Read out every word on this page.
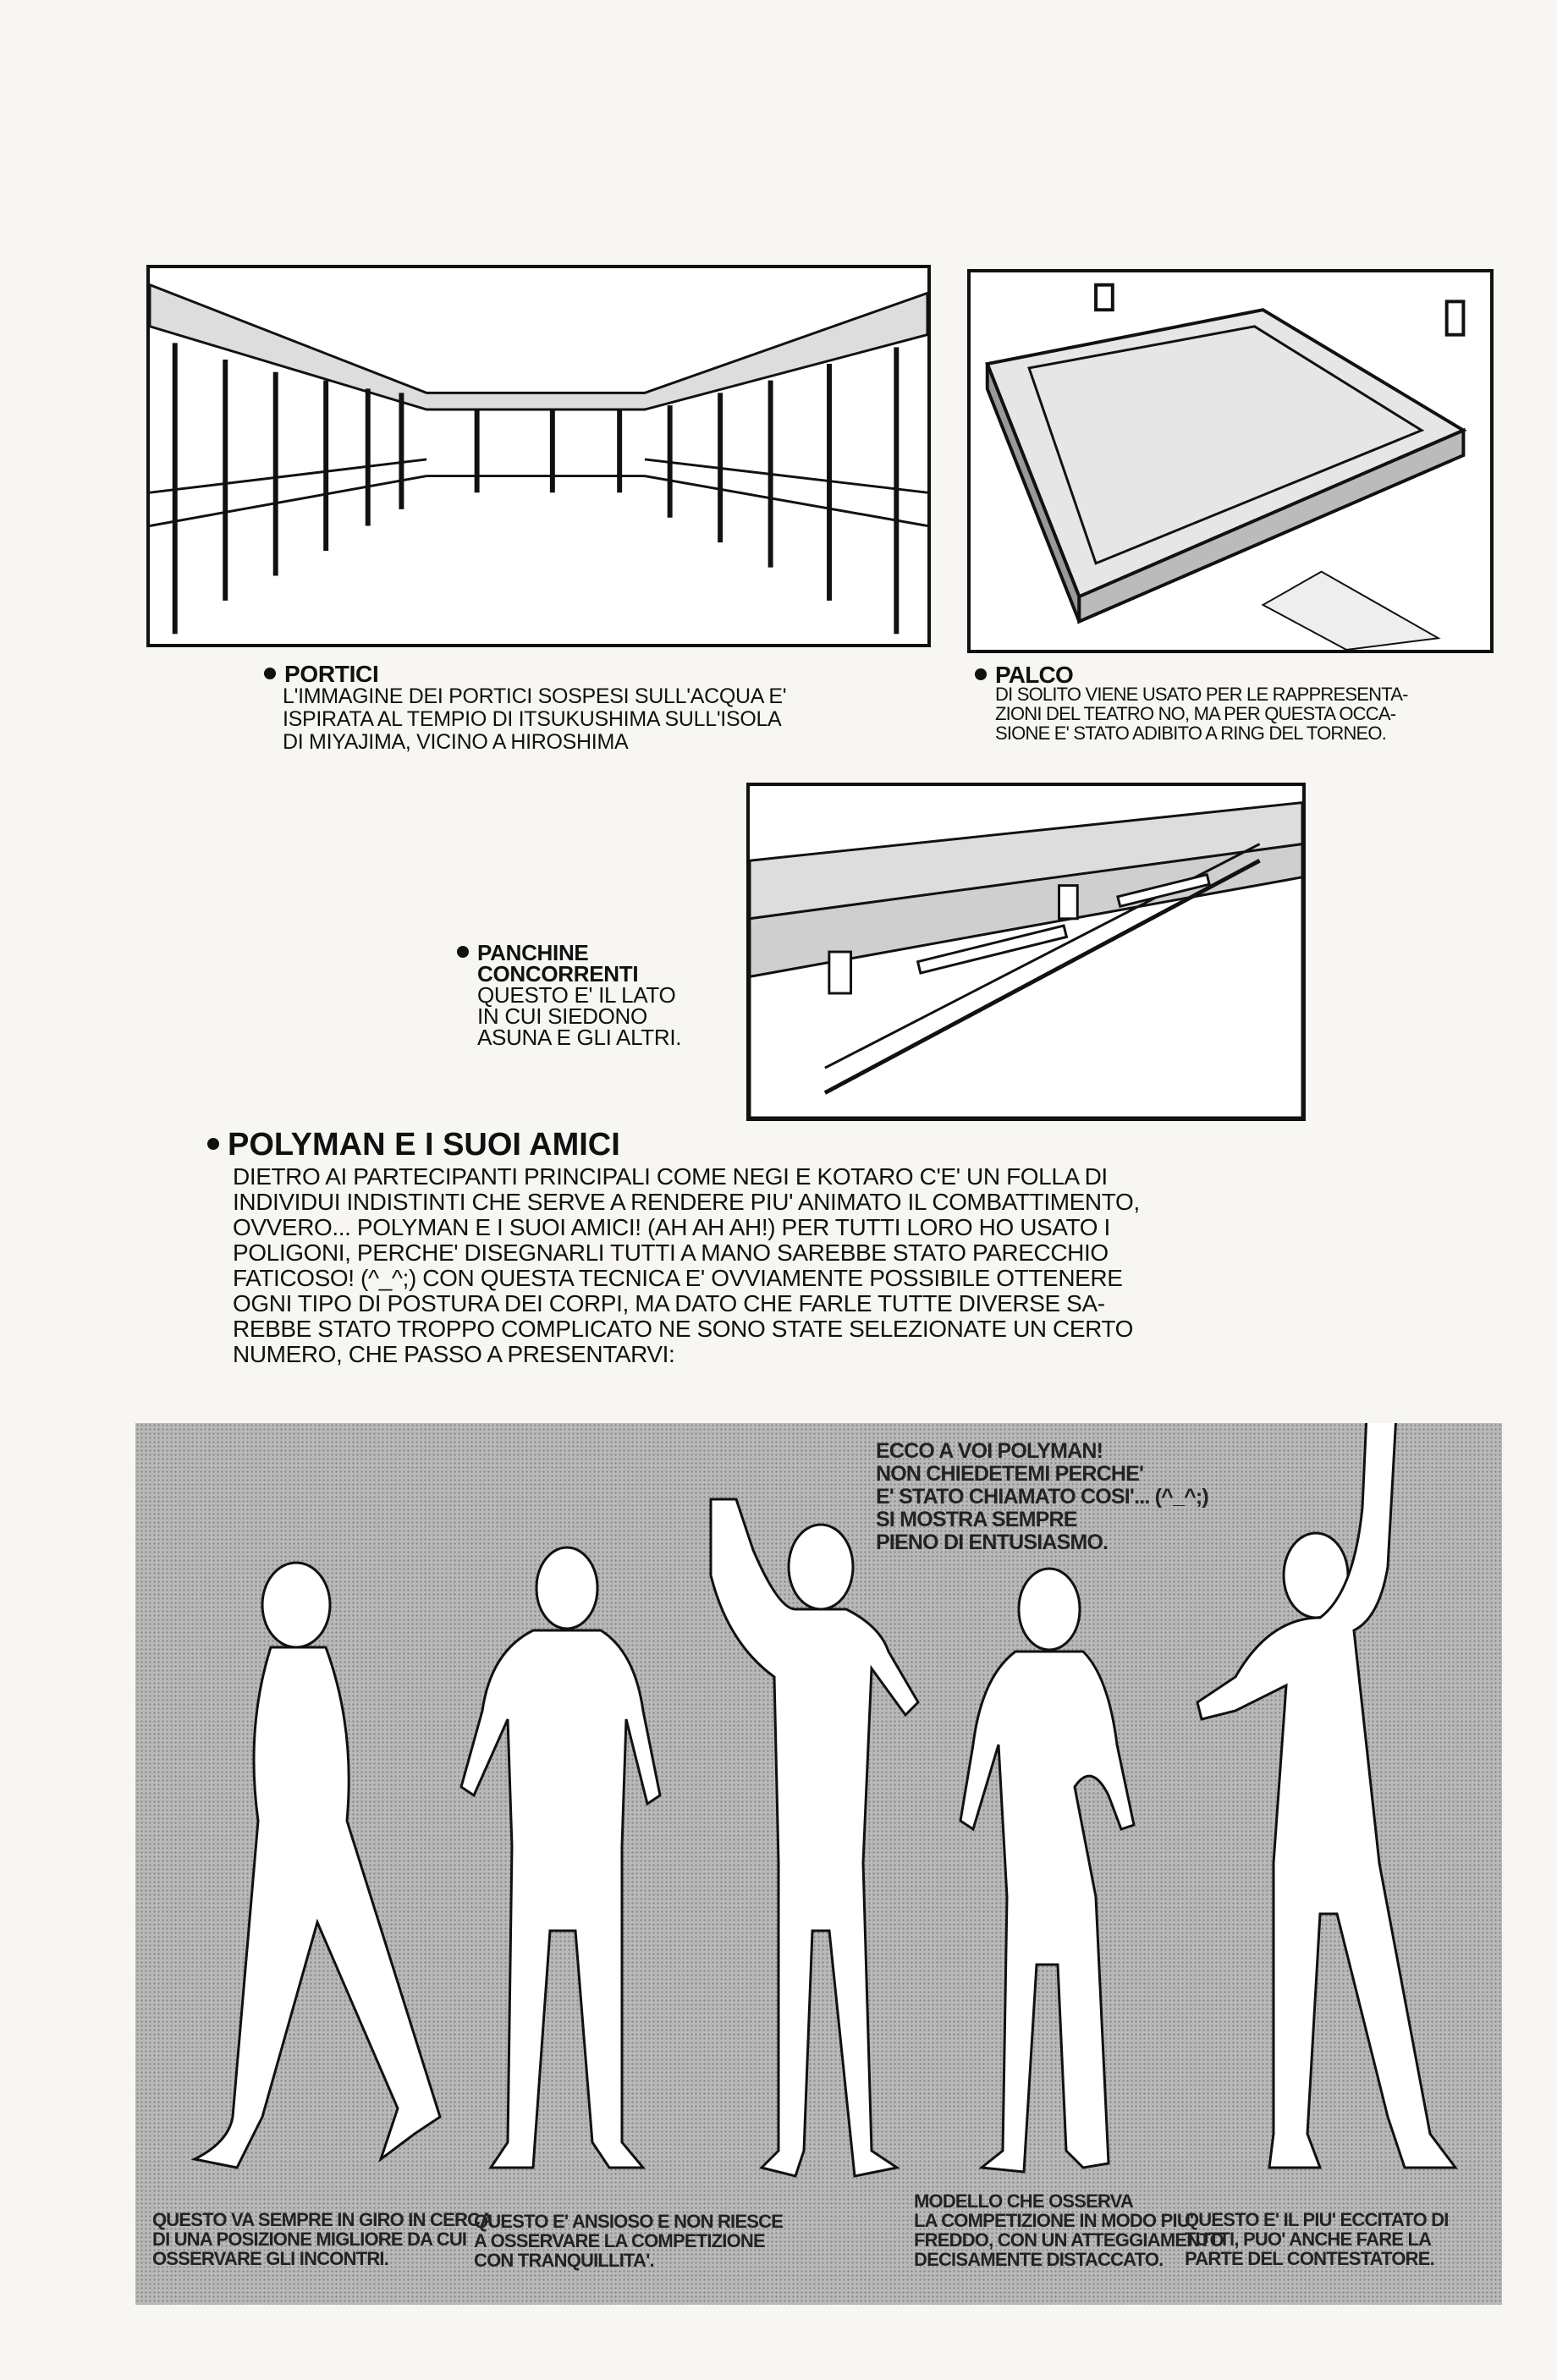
PORTICI
L'IMMAGINE DEI PORTICI SOSPESI SULL'ACQUA E'
ISPIRATA AL TEMPIO DI ITSUKUSHIMA SULL'ISOLA
DI MIYAJIMA, VICINO A HIROSHIMA
PALCO
DI SOLITO VIENE USATO PER LE RAPPRESENTA-
ZIONI DEL TEATRO NO, MA PER QUESTA OCCA-
SIONE E' STATO ADIBITO A RING DEL TORNEO.
PANCHINE
CONCORRENTI
QUESTO E' IL LATO
IN CUI SIEDONO
ASUNA E GLI ALTRI.
POLYMAN E I SUOI AMICI
DIETRO AI PARTECIPANTI PRINCIPALI COME NEGI E KOTARO C'E' UN FOLLA DI
INDIVIDUI INDISTINTI CHE SERVE A RENDERE PIU' ANIMATO IL COMBATTIMENTO,
OVVERO... POLYMAN E I SUOI AMICI! (AH AH AH!) PER TUTTI LORO HO USATO I
POLIGONI, PERCHE' DISEGNARLI TUTTI A MANO SAREBBE STATO PARECCHIO
FATICOSO! (^_^;) CON QUESTA TECNICA E' OVVIAMENTE POSSIBILE OTTENERE
OGNI TIPO DI POSTURA DEI CORPI, MA DATO CHE FARLE TUTTE DIVERSE SA-
REBBE STATO TROPPO COMPLICATO NE SONO STATE SELEZIONATE UN CERTO
NUMERO, CHE PASSO A PRESENTARVI:
ECCO A VOI POLYMAN!
NON CHIEDETEMI PERCHE'
E' STATO CHIAMATO COSI'... (^_^;)
SI MOSTRA SEMPRE
PIENO DI ENTUSIASMO.
QUESTO VA SEMPRE IN GIRO IN CERCA
DI UNA POSIZIONE MIGLIORE DA CUI
OSSERVARE GLI INCONTRI.
QUESTO E' ANSIOSO E NON RIESCE
A OSSERVARE LA COMPETIZIONE
CON TRANQUILLITA'.
MODELLO CHE OSSERVA
LA COMPETIZIONE IN MODO PIU'
FREDDO, CON UN ATTEGGIAMENTO
DECISAMENTE DISTACCATO.
QUESTO E' IL PIU' ECCITATO DI
TUTTI, PUO' ANCHE FARE LA
PARTE DEL CONTESTATORE.
